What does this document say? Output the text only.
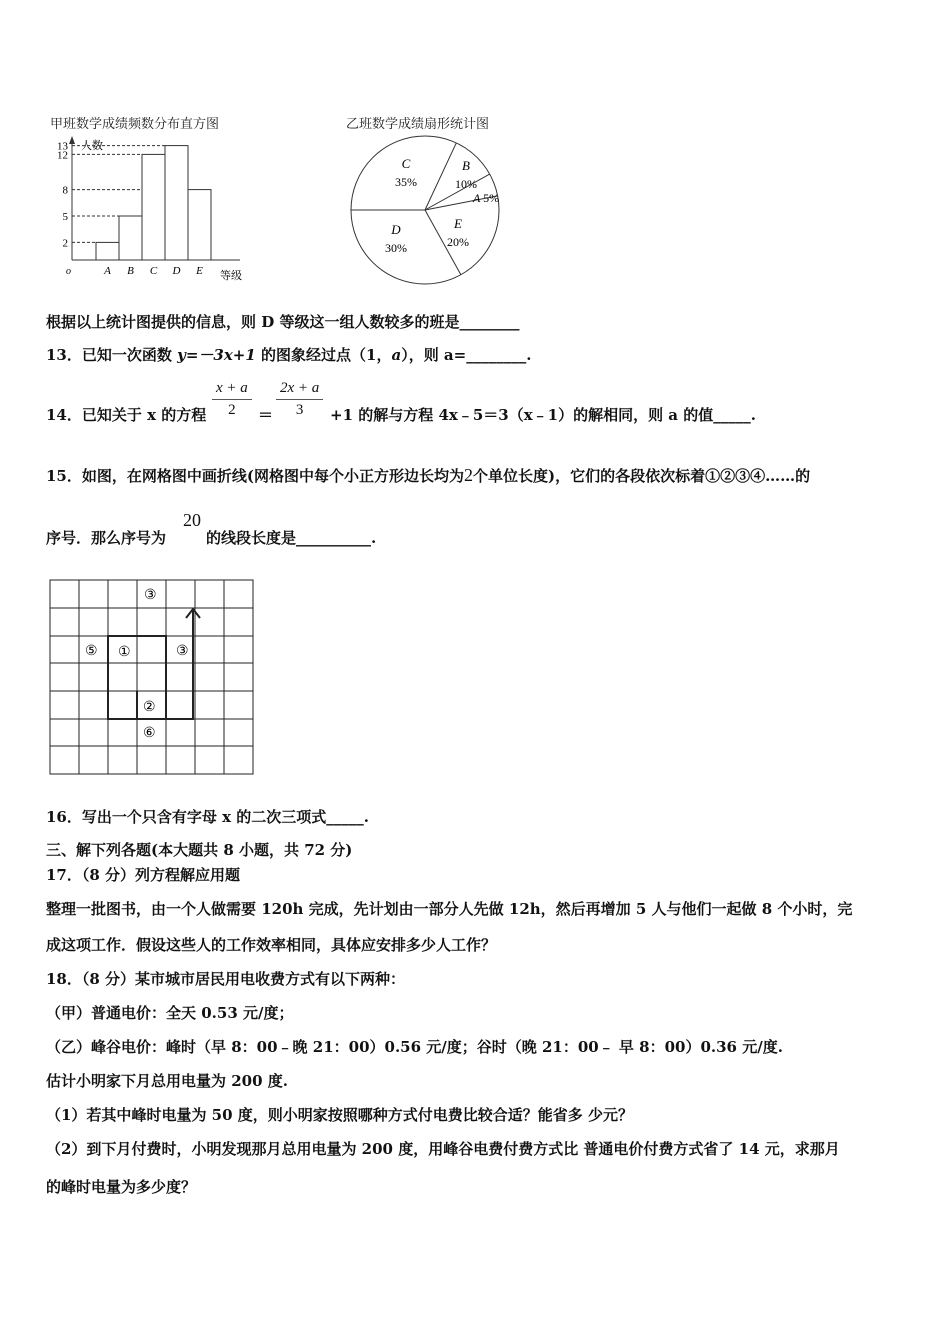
甲班数学成绩频数分布直方图
人数
等级
o
2
5
8
12
13
A B C D E
乙班数学成绩扇形统计图
A 5%
B
10%
C
35%
D
30%
E
20%
根据以上统计图提供的信息，则 D 等级这一组人数较多的班是________
13．已知一次函数 y=－3x+1 的图象经过点（1，a），则 a=________.
14．已知关于 x 的方程 $\frac{x + a}{2} = \frac{2x + a}{3} +1$ 的解与方程 4x﹣5＝3（x﹣1）的解相同，则 a 的值_____.
15．如图，在网格图中画折线(网格图中每个小正方形边长均为2个单位长度)，它们的各段依次标着①②③④……的
序号．那么序号为
20
的线段长度是__________.
③
⑤ ①	③
②
⑥
16．写出一个只含有字母 x 的二次三项式_____.
三、解下列各题(本大题共 8 小题，共 72 分)
17．（8 分）列方程解应用题
整理一批图书，由一个人做需要 120h 完成，先计划由一部分人先做 12h，然后再增加 5 人与他们一起做 8 个小时，完
成这项工作．假设这些人的工作效率相同，具体应安排多少人工作？
18．（8 分）某市城市居民用电收费方式有以下两种：
（甲）普通电价：全天 0.53 元/度；
（乙）峰谷电价：峰时（早 8：00﹣晚 21：00）0.56 元/度；谷时（晚 21：00﹣ 早 8：00）0.36 元/度.
估计小明家下月总用电量为 200 度.
（1）若其中峰时电量为 50 度，则小明家按照哪种方式付电费比较合适？能省多 少元？
（2）到下月付费时，小明发现那月总用电量为 200 度，用峰谷电费付费方式比 普通电价付费方式省了 14 元，求那月
的峰时电量为多少度？
